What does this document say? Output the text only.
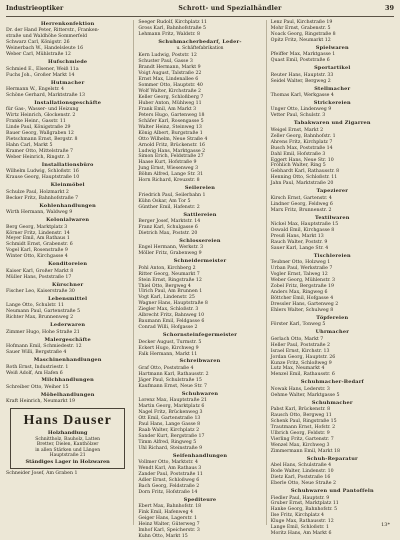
Industrieoptiker	Schrott- und Spezialhändler	39
Herrenkonfektion
Dr. der Hand Peter, Ritterstr., Franken-
straße und Waldhöhe Sommerfeld
Schwarz Carl, Königstr. 26
Weinerbach W., Handelsleute 16
Weber Carl, Mühlstraße 12
Hufschmiede
Schmied E., Elsener, Weiß 11a
Fuchs Joh., Großer Markt 14
Hutmacher
Hermann W., Engelstr. 4
Schöne Gerhard, Marktstraße 13
Installationsgeschäfte
für Gas-, Wasser- und Heizung
Wirtz Heinrich, Glockenstr. 2
Franke Heinr., Gasstr. 11
Linde Paul, Königstraße 29
Bauer Georg, Wallgraben 12
Pietschmann Ernst, Bergstr. 8
Hahn Carl, Markt 5
Kramer Otto, Mittelstraße 7
Weber Heinrich, Ringstr. 3
Installationsbüro
Wilhelm Ludwig, Schloßstr. 16
Krause Georg, Hauptstraße 10
Kleinmöbel
Schulze Paul, Holzmarkt 2
Becker Fritz, Bahnhofstraße 7
Kohlenhandlungen
Wirth Hermann, Waldweg 9
Kolonialwaren
Berg Georg, Marktplatz 3
Körner Fritz, Lindenstr. 14
Meyer Emil, Am Rathaus 1
Schmidt Ernst, Grabenstr. 6
Vogel Karl, Rosenstraße 9
Winter Otto, Kirchgasse 4
Konditoreien
Kaiser Karl, Großer Markt 8
Müller Hans, Poststraße 17
Kürschner
Fischer Leo, Kaiserstraße 30
Lebensmittel
Lange Otto, Schulstr. 11
Neumann Paul, Gartenstraße 5
Richter Max, Brunnenweg 2
Lederwaren
Zimmer Hugo, Hohe Straße 21
Malergeschäfte
Hofmann Emil, Schmiedestr. 12
Sauer Willi, Bergstraße 4
Maschinenhandlungen
Roth Ernst, Industriestr. 1
Weiß Adolf, Am Hafen 6
Milchhandlungen
Schreiber Otto, Weiher 15
Möbelhandlungen
Kraft Heinrich, Neumarkt 19
Hans Dauser
Holzhandlung
Schnittholz, Bauholz, Latten
Bretter, Dielen, Kanthölzer
in allen Stärken und Längen
Hauptstraße 21
Ständiges Lager in Holzwaren
Schneider Josef, Am Graben 1
Seeger Rudolf, Kirchplatz 11
Gross Karl, Bahnhofstraße 5
Lehmann Fritz, Waldstr. 8
Schuhmacherbedarf, Leder-
u. Schäftefabrikation
Kern Ludwig, Poststr. 12
Schuster Paul, Gasse 3
Brandt Hermann, Markt 9
Voigt August, Talstraße 22
Ernst Max, Lindenallee 6
Sommer Otto, Hauptstr. 40
Wolf Walter, Kirchstraße 2
Keller Georg, Schloßberg 7
Huber Anton, Mühlweg 11
Frank Emil, Am Markt 3
Peters Hugo, Gartenweg 18
Schäfer Karl, Rosengasse 5
Walter Heinz, Steinweg 13
König Albert, Burgstraße 1
Otto Wilhelm, Neue Straße 4
Arnold Fritz, Brückenstr. 16
Ludwig Hans, Marktgasse 2
Simon Erich, Feldstraße 27
Haase Kurt, Hofstraße 9
Jung Ernst, Wiesenweg 3
Böhm Alfred, Lange Str. 31
Horn Richard, Kreuzstr. 8
Seilereien
Friedrich Paul, Seilerbahn 1
Kühn Oskar, Am Tor 5
Günther Emil, Hafenstr. 2
Sattlereien
Berger Josef, Marktstr. 14
Franz Karl, Schulgasse 6
Dietrich Max, Poststr. 20
Schlossereien
Engel Hermann, Werkstr. 3
Möller Fritz, Grabenweg 9
Schneidermeister
Pohl Anton, Kirchberg 2
Ritter Georg, Neumarkt 7
Stein Ernst, Ringstraße 12
Thiel Otto, Bergweg 4
Ulrich Paul, Am Brunnen 1
Vogt Karl, Lindenstr. 25
Wagner Hans, Hauptstraße 8
Ziegler Max, Schloßstr. 3
Albrecht Fritz, Bahnweg 10
Baumann Emil, Feldgasse 6
Conrad Willi, Hofgasse 2
Schornsteinfegermeister
Decker August, Turmstr. 5
Eckert Hugo, Kirchweg 9
Falk Hermann, Markt 11
Schreibwaren
Graf Otto, Poststraße 4
Hartmann Karl, Rathausstr. 2
Jäger Paul, Schulstraße 15
Kaufmann Ernst, Neue Str. 7
Schuhwaren
Lorenz Max, Hauptstraße 21
Martin Georg, Marktplatz 6
Nagel Fritz, Brückenweg 3
Ott Emil, Gartenstraße 13
Paul Hans, Lange Gasse 8
Raab Walter, Kirchplatz 2
Sander Kurt, Bergstraße 17
Timm Alfred, Ringweg 5
Uhl Richard, Steinstraße 9
Seifenhandlungen
Vollmer Otto, Marktstr. 4
Wendt Karl, Am Rathaus 3
Zander Paul, Poststraße 11
Adler Ernst, Schloßweg 6
Bach Georg, Feldstraße 2
Dorn Fritz, Hofstraße 14
Spediteure
Ebert Max, Bahnhofstr. 18
Fink Emil, Hafenweg 4
Geiger Hans, Lagerstr. 1
Heinz Walter, Güterweg 7
Imhof Karl, Speicherstr. 3
Kuhn Otto, Markt 15
Lenz Paul, Kirchstraße 19
Mohr Ernst, Grabenstr. 5
Noack Georg, Ringstraße 8
Opitz Fritz, Neumarkt 12
Spielwaren
Pfeiffer Max, Marktgasse 1
Quast Emil, Poststraße 6
Sportartikel
Reuter Hans, Hauptstr. 33
Seidel Walter, Bergweg 2
Stellmacher
Thomas Karl, Werkgasse 4
Strickereien
Unger Otto, Lindenweg 9
Vetter Paul, Schulstr. 3
Tabakwaren und Zigarren
Weigel Ernst, Markt 2
Zeller Georg, Bahnhofstr. 1
Ahrens Fritz, Kirchplatz 7
Busch Max, Poststraße 14
Dahl Emil, Hofstraße 3
Eggert Hans, Neue Str. 10
Fröhlich Walter, Ring 5
Gebhardt Karl, Rathausstr. 8
Henning Otto, Schloßstr. 11
Jahn Paul, Marktstraße 20
Tapezierer
Kirsch Ernst, Gartenstr. 4
Lindner Georg, Feldweg 6
Marx Fritz, Brunnenstr. 2
Textilwaren
Nickel Max, Hauptstraße 15
Oswald Emil, Kirchgasse 8
Preuß Hans, Markt 13
Rauch Walter, Poststr. 9
Sauer Karl, Lange Str. 4
Tischlereien
Teubner Otto, Holzweg 1
Urban Paul, Werkstraße 7
Vogler Ernst, Talweg 12
Weber Georg, Mühlenstr. 3
Zobel Fritz, Bergstraße 19
Anders Max, Ringweg 6
Böttcher Emil, Hofgasse 4
Dressler Hans, Gartenweg 2
Ehlers Walter, Schulweg 8
Töpfereien
Förster Karl, Tonweg 5
Uhrmacher
Gerlach Otto, Markt 7
Heller Paul, Poststraße 2
Israel Ernst, Kirchstr. 13
Jordan Georg, Hauptstr. 26
Kunze Fritz, Schloßweg 9
Lutz Max, Neumarkt 4
Menzel Emil, Rathausstr. 6
Schuhmacher-Bedarf
Nowak Hans, Lederstr. 3
Oehme Walter, Marktgasse 5
Schuhmacher
Pabst Karl, Brückenstr. 8
Rausch Otto, Bergweg 11
Schenk Paul, Ringstraße 15
Trautmann Ernst, Hofstr. 2
Ulbrich Georg, Feldstr. 9
Vierling Fritz, Gartenstr. 7
Wenzel Max, Kirchweg 3
Zimmermann Emil, Markt 18
Schuh-Reparatur
Abel Hans, Schulstraße 4
Bode Walter, Lindenstr. 10
Dietz Karl, Poststraße 16
Eberle Otto, Neue Straße 2
Schuhwaren und Pantoffeln
Fiedler Paul, Hauptstr. 9
Gruber Ernst, Marktplatz 11
Hanke Georg, Bahnhofstr. 5
Ilse Fritz, Kirchplatz 4
Kluge Max, Rathausstr. 12
Lange Emil, Schloßstr. 1
Moritz Hans, Am Markt 6
13*
